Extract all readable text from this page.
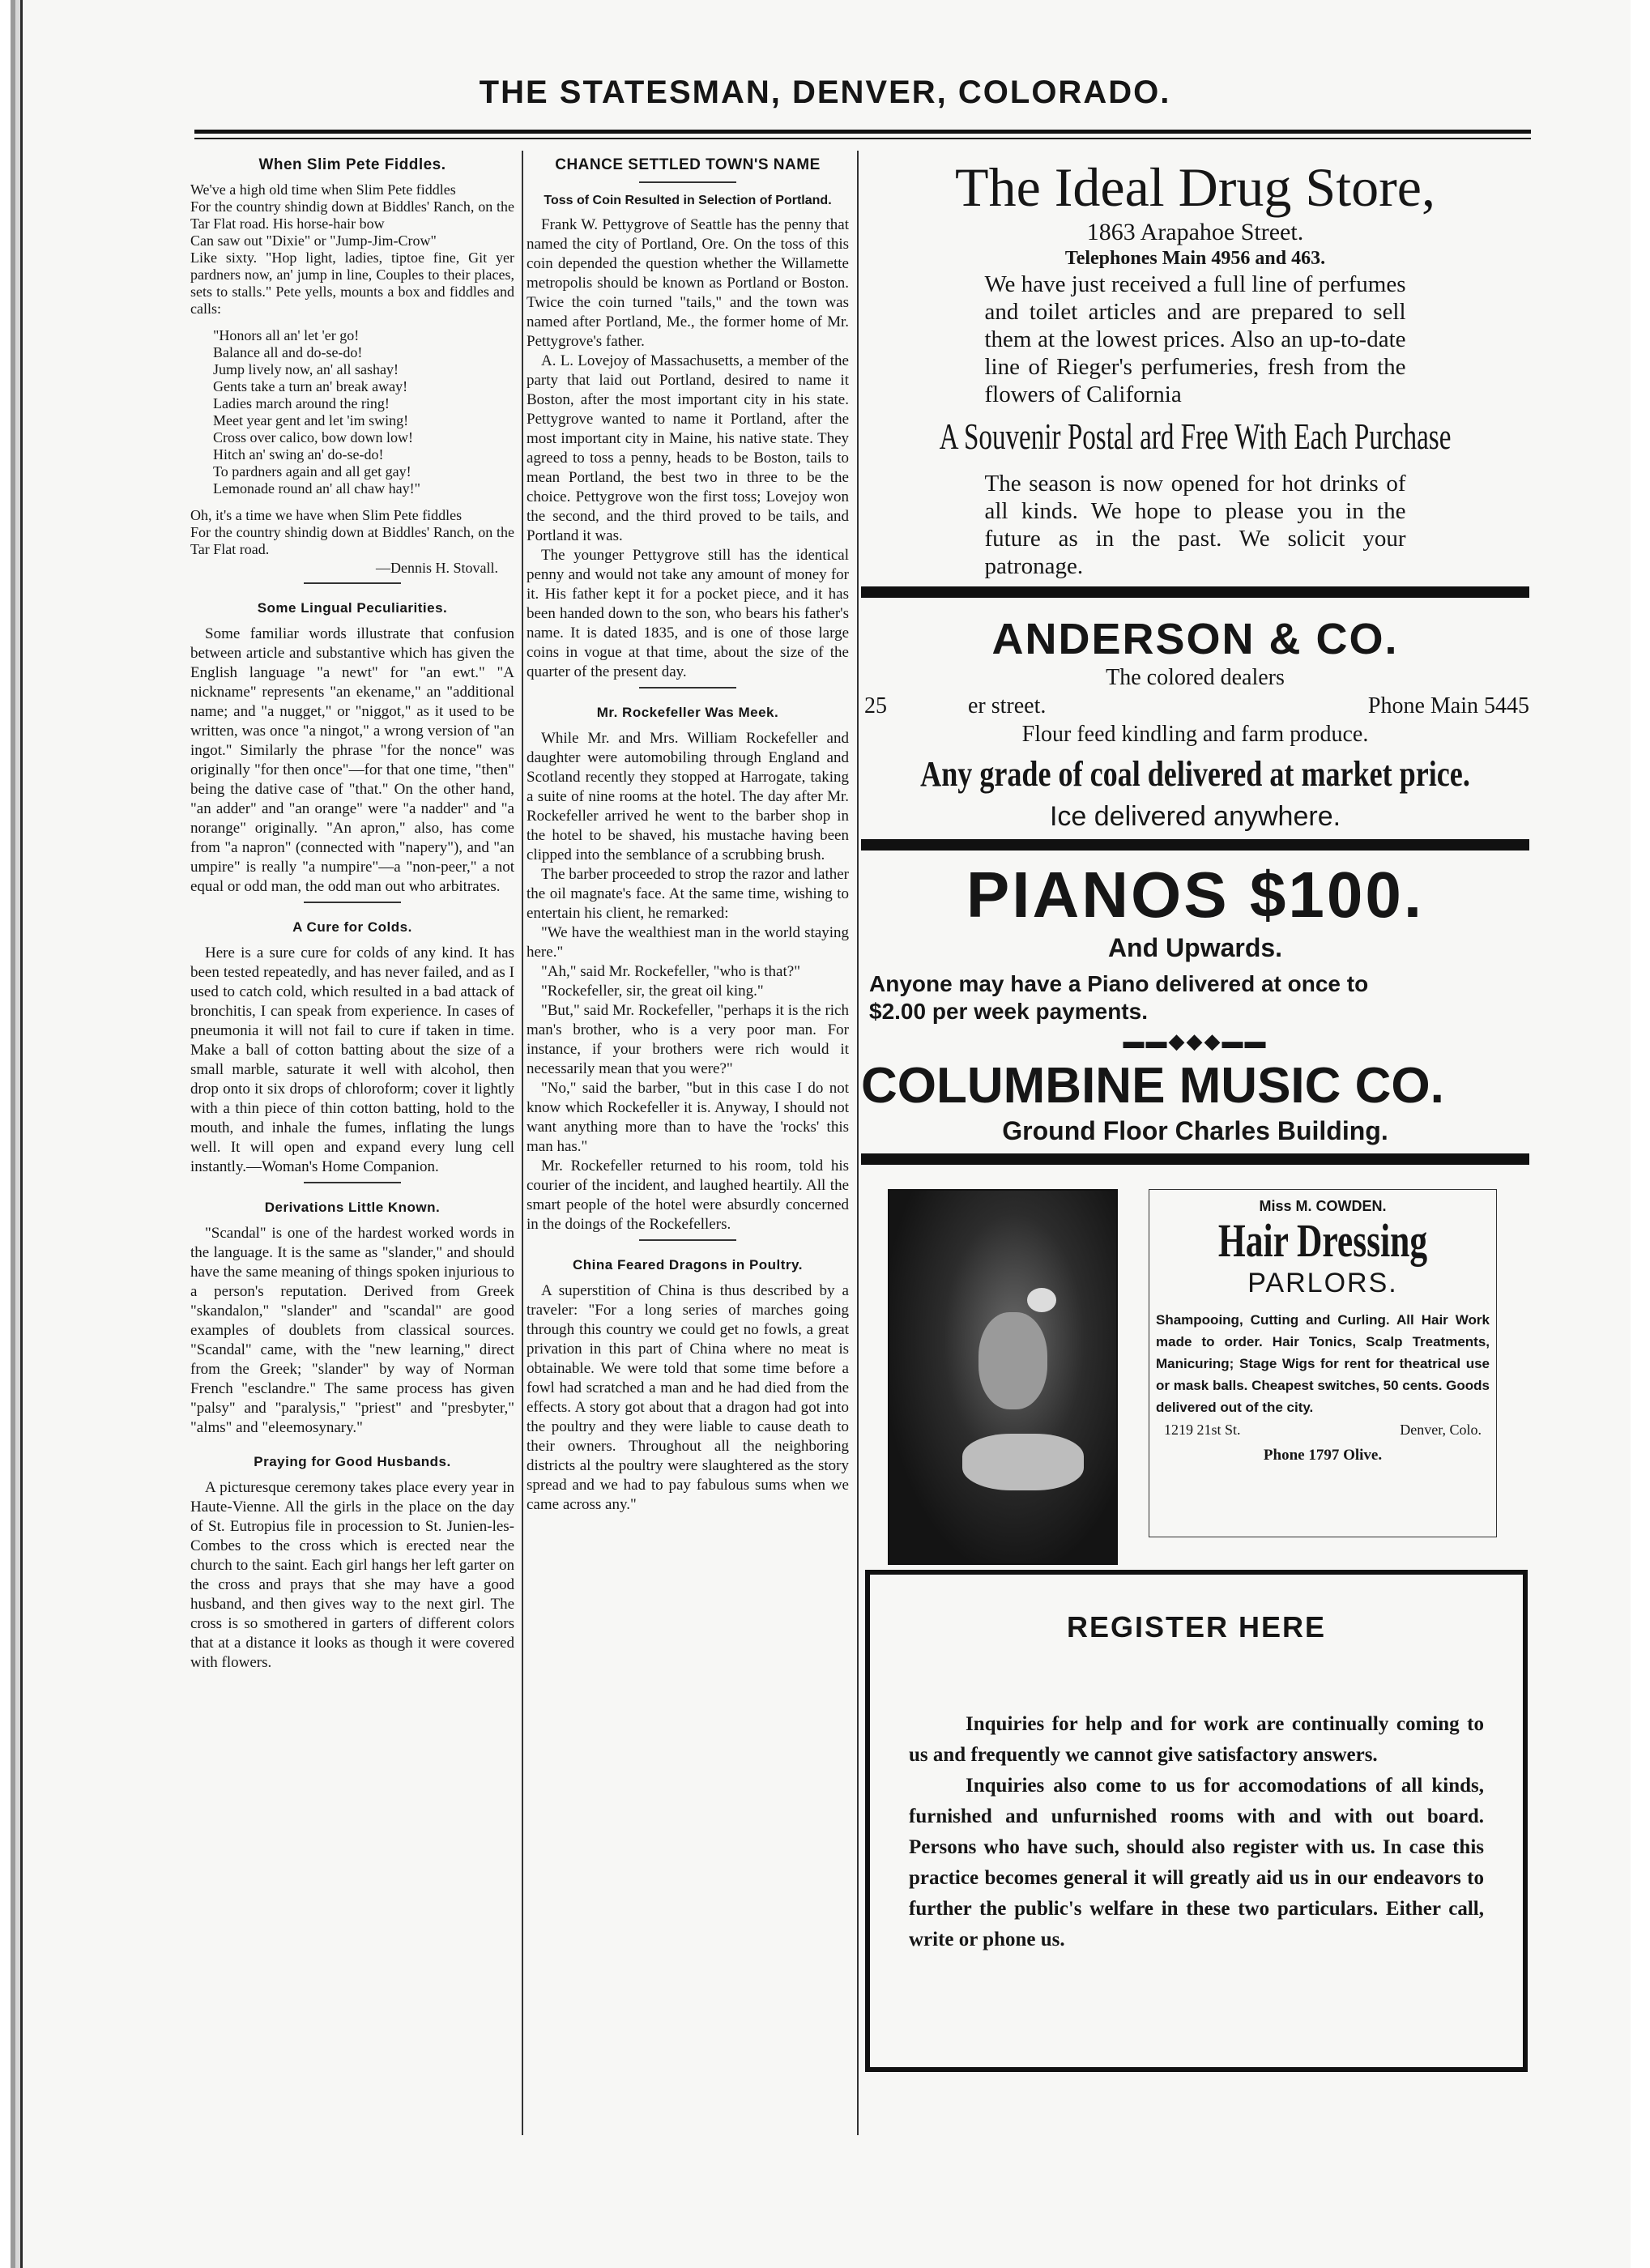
THE STATESMAN, DENVER, COLORADO.
When Slim Pete Fiddles.
We've a high old time when Slim Pete fiddles
For the country shindig down at Biddles' Ranch, on the Tar Flat road. His horse-hair bow
Can saw out "Dixie" or "Jump-Jim-Crow"
Like sixty. "Hop light, ladies, tiptoe fine, Git yer pardners now, an' jump in line, Couples to their places, sets to stalls." Pete yells, mounts a box and fiddles and calls:
"Honors all an' let 'er go!
Balance all and do-se-do!
Jump lively now, an' all sashay!
Gents take a turn an' break away!
Ladies march around the ring!
Meet year gent and let 'im swing!
Cross over calico, bow down low!
Hitch an' swing an' do-se-do!
To pardners again and all get gay!
Lemonade round an' all chaw hay!"
Oh, it's a time we have when Slim Pete fiddles
For the country shindig down at Biddles' Ranch, on the Tar Flat road.
—Dennis H. Stovall.
Some Lingual Peculiarities.

Some familiar words illustrate that confusion between article and substantive which has given the English language "a newt" for "an ewt." "A nickname" represents "an ekename," an "additional name; and "a nugget," or "niggot," as it used to be written, was once "a ningot," a wrong version of "an ingot." Similarly the phrase "for the nonce" was originally "for then once"—for that one time, "then" being the dative case of "that." On the other hand, "an adder" and "an orange" were "a nadder" and "a norange" originally. "An apron," also, has come from "a napron" (connected with "napery"), and "an umpire" is really "a numpire"—a "non-peer," a not equal or odd man, the odd man out who arbitrates.

A Cure for Colds.

Here is a sure cure for colds of any kind. It has been tested repeatedly, and has never failed, and as I used to catch cold, which resulted in a bad attack of bronchitis, I can speak from experience. In cases of pneumonia it will not fail to cure if taken in time. Make a ball of cotton batting about the size of a small marble, saturate it well with alcohol, then drop onto it six drops of chloroform; cover it lightly with a thin piece of thin cotton batting, hold to the mouth, and inhale the fumes, inflating the lungs well. It will open and expand every lung cell instantly.—Woman's Home Companion.

Derivations Little Known.

"Scandal" is one of the hardest worked words in the language. It is the same as "slander," and should have the same meaning of things spoken injurious to a person's reputation. Derived from Greek "skandalon," "slander" and "scandal" are good examples of doublets from classical sources. "Scandal" came, with the "new learning," direct from the Greek; "slander" by way of Norman French "esclandre." The same process has given "palsy" and "paralysis," "priest" and "presbyter," "alms" and "eleemosynary."

Praying for Good Husbands.

A picturesque ceremony takes place every year in Haute-Vienne. All the girls in the place on the day of St. Eutropius file in procession to St. Junien-les-Combes to the cross which is erected near the church to the saint. Each girl hangs her left garter on the cross and prays that she may have a good husband, and then gives way to the next girl. The cross is so smothered in garters of different colors that at a distance it looks as though it were covered with flowers.

CHANCE SETTLED TOWN'S NAME
Toss of Coin Resulted in Selection of Portland.

Frank W. Pettygrove of Seattle has the penny that named the city of Portland, Ore. On the toss of this coin depended the question whether the Willamette metropolis should be known as Portland or Boston. Twice the coin turned "tails," and the town was named after Portland, Me., the former home of Mr. Pettygrove's father.

A. L. Lovejoy of Massachusetts, a member of the party that laid out Portland, desired to name it Boston, after the most important city in his state. Pettygrove wanted to name it Portland, after the most important city in Maine, his native state. They agreed to toss a penny, heads to be Boston, tails to mean Portland, the best two in three to be the choice. Pettygrove won the first toss; Lovejoy won the second, and the third proved to be tails, and Portland it was.

The younger Pettygrove still has the identical penny and would not take any amount of money for it. His father kept it for a pocket piece, and it has been handed down to the son, who bears his father's name. It is dated 1835, and is one of those large coins in vogue at that time, about the size of the quarter of the present day.

Mr. Rockefeller Was Meek.

While Mr. and Mrs. William Rockefeller and daughter were automobiling through England and Scotland recently they stopped at Harrogate, taking a suite of nine rooms at the hotel. The day after Mr. Rockefeller arrived he went to the barber shop in the hotel to be shaved, his mustache having been clipped into the semblance of a scrubbing brush.

The barber proceeded to strop the razor and lather the oil magnate's face. At the same time, wishing to entertain his client, he remarked:

"We have the wealthiest man in the world staying here."

"Ah," said Mr. Rockefeller, "who is that?"

"Rockefeller, sir, the great oil king."

"But," said Mr. Rockefeller, "perhaps it is the rich man's brother, who is a very poor man. For instance, if your brothers were rich would it necessarily mean that you were?"

"No," said the barber, "but in this case I do not know which Rockefeller it is. Anyway, I should not want anything more than to have the 'rocks' this man has."

Mr. Rockefeller returned to his room, told his courier of the incident, and laughed heartily. All the smart people of the hotel were absurdly concerned in the doings of the Rockefellers.

China Feared Dragons in Poultry.

A superstition of China is thus described by a traveler: "For a long series of marches going through this country we could get no fowls, a great privation in this part of China where no meat is obtainable. We were told that some time before a fowl had scratched a man and he had died from the effects. A story got about that a dragon had got into the poultry and they were liable to cause death to their owners. Throughout all the neighboring districts al the poultry were slaughtered as the story spread and we had to pay fabulous sums when we came across any."

The Ideal Drug Store,
1863 Arapahoe Street.
Telephones Main 4956 and 463.
We have just received a full line of perfumes and toilet articles and are prepared to sell them at the lowest prices. Also an up-to-date line of Rieger's perfumeries, fresh from the flowers of California
A Souvenir Postal ard Free With Each Purchase
The season is now opened for hot drinks of all kinds. We hope to please you in the future as in the past. We solicit your patronage.
ANDERSON & CO.
The colored dealers
25	er street.	Phone Main 5445
Flour feed kindling and farm produce.
Any grade of coal delivered at market price.
Ice delivered anywhere.
PIANOS $100.
And Upwards.
Anyone may have a Piano delivered at once to
$2.00 per week payments.
▬▬◆◆◆▬▬
COLUMBINE MUSIC CO.
Ground Floor Charles Building.
Miss M. COWDEN.
Hair Dressing
PARLORS.
Shampooing, Cutting and Curling. All Hair Work made to order. Hair Tonics, Scalp Treatments, Manicuring; Stage Wigs for rent for theatrical use or mask balls. Cheapest switches, 50 cents. Goods delivered out of the city.
1219 21st St.	Denver, Colo.
Phone 1797 Olive.
REGISTER HERE

Inquiries for help and for work are continually coming to us and frequently we cannot give satisfactory answers.

Inquiries also come to us for accomodations of all kinds, furnished and unfurnished rooms with and with out board. Persons who have such, should also register with us. In case this practice becomes general it will greatly aid us in our endeavors to further the public's welfare in these two particulars. Either call, write or phone us.
